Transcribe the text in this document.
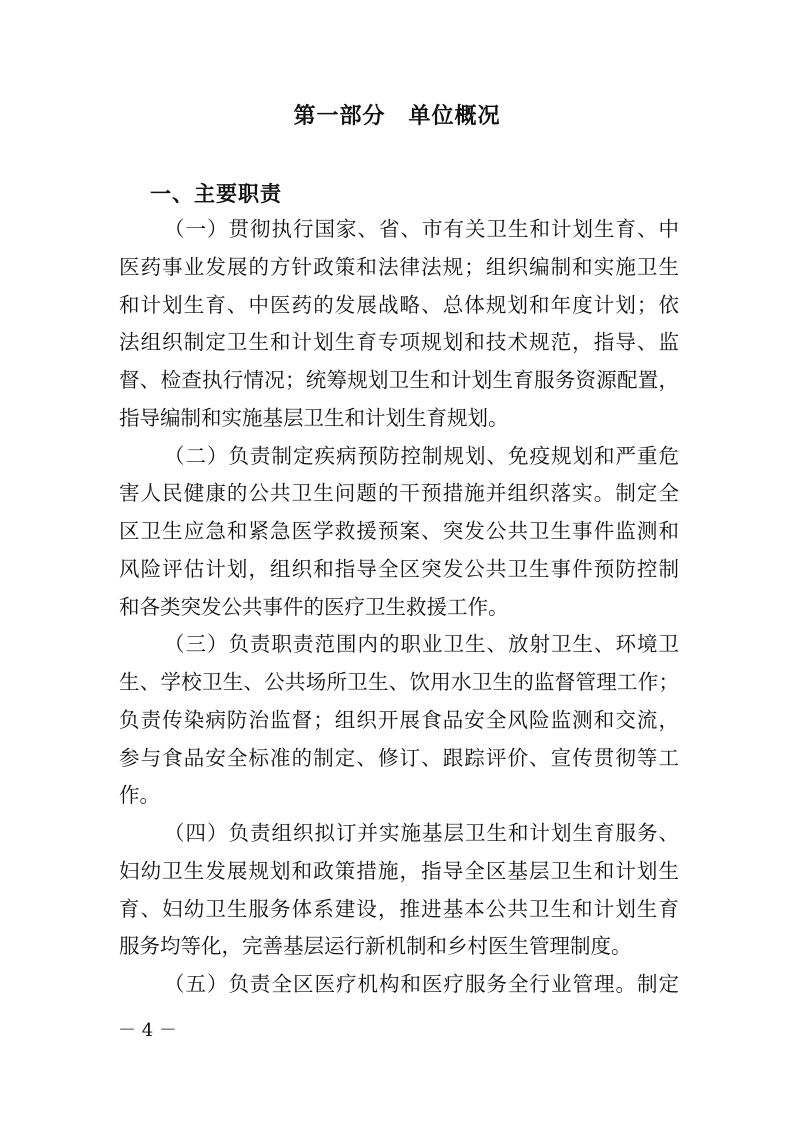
第一部分　单位概况
一、主要职责
（一）贯彻执行国家、省、市有关卫生和计划生育、中
医药事业发展的方针政策和法律法规；组织编制和实施卫生
和计划生育、中医药的发展战略、总体规划和年度计划；依
法组织制定卫生和计划生育专项规划和技术规范，指导、监
督、检查执行情况；统筹规划卫生和计划生育服务资源配置，
指导编制和实施基层卫生和计划生育规划。
（二）负责制定疾病预防控制规划、免疫规划和严重危
害人民健康的公共卫生问题的干预措施并组织落实。制定全
区卫生应急和紧急医学救援预案、突发公共卫生事件监测和
风险评估计划，组织和指导全区突发公共卫生事件预防控制
和各类突发公共事件的医疗卫生救援工作。
（三）负责职责范围内的职业卫生、放射卫生、环境卫
生、学校卫生、公共场所卫生、饮用水卫生的监督管理工作；
负责传染病防治监督；组织开展食品安全风险监测和交流，
参与食品安全标准的制定、修订、跟踪评价、宣传贯彻等工
作。
（四）负责组织拟订并实施基层卫生和计划生育服务、
妇幼卫生发展规划和政策措施，指导全区基层卫生和计划生
育、妇幼卫生服务体系建设，推进基本公共卫生和计划生育
服务均等化，完善基层运行新机制和乡村医生管理制度。
（五）负责全区医疗机构和医疗服务全行业管理。制定
－ 4 －
